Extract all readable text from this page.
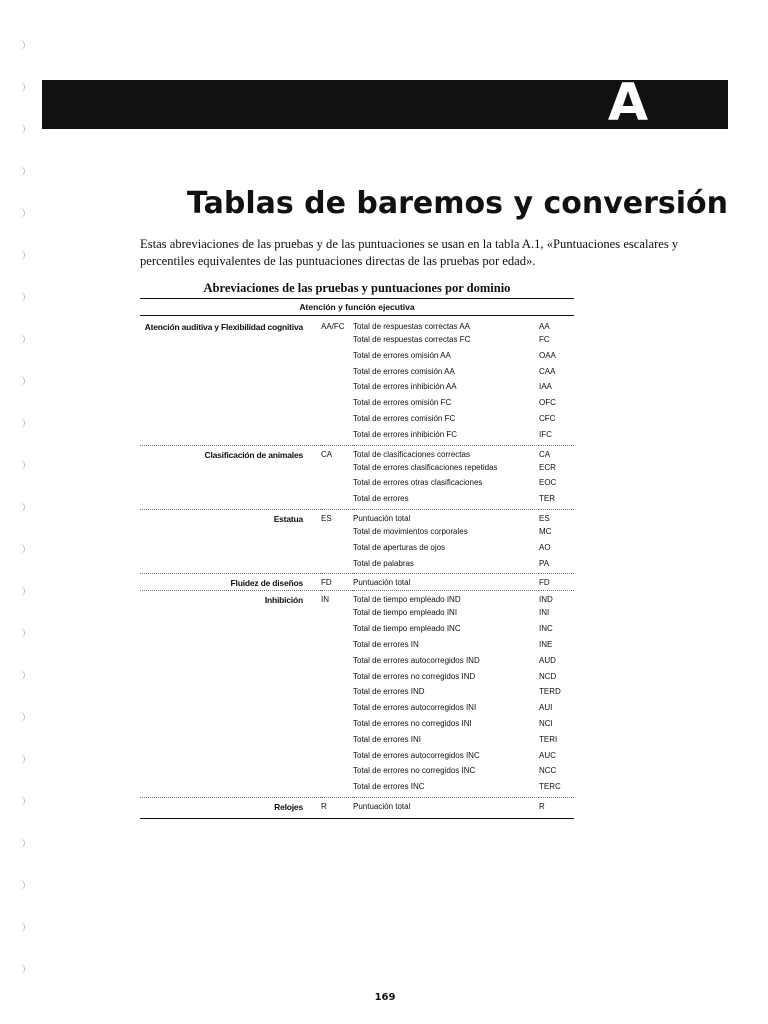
A
Tablas de baremos y conversión

Estas abreviaciones de las pruebas y de las puntuaciones se usan en la tabla A.1, «Puntuaciones escalares y percentiles equivalentes de las puntuaciones directas de las pruebas por edad».

Abreviaciones de las pruebas y puntuaciones por dominio
Atención y función ejecutiva			
Atención auditiva y Flexibilidad cognitiva	AA/FC	Total de respuestas correctas AA	AA
		Total de respuestas correctas FC	FC
		Total de errores omisión AA	OAA
		Total de errores comisión AA	CAA
		Total de errores inhibición AA	IAA
		Total de errores omisión FC	OFC
		Total de errores comisión FC	CFC
		Total de errores inhibición FC	IFC
Clasificación de animales	CA	Total de clasificaciones correctas	CA
		Total de errores clasificaciones repetidas	ECR
		Total de errores otras clasificaciones	EOC
		Total de errores	TER
Estatua	ES	Puntuación total	ES
		Total de movimientos corporales	MC
		Total de aperturas de ojos	AO
		Total de palabras	PA
Fluidez de diseños	FD	Puntuación total	FD
Inhibición	IN	Total de tiempo empleado IND	IND
		Total de tiempo empleado INI	INI
		Total de tiempo empleado INC	INC
		Total de errores IN	INE
		Total de errores autocorregidos IND	AUD
		Total de errores no corregidos IND	NCD
		Total de errores IND	TERD
		Total de errores autocorregidos INI	AUI
		Total de errores no corregidos INI	NCI
		Total de errores INI	TERI
		Total de errores autocorregidos INC	AUC
		Total de errores no corregidos INC	NCC
		Total de errores INC	TERC
Relojes	R	Puntuación total	R
169
